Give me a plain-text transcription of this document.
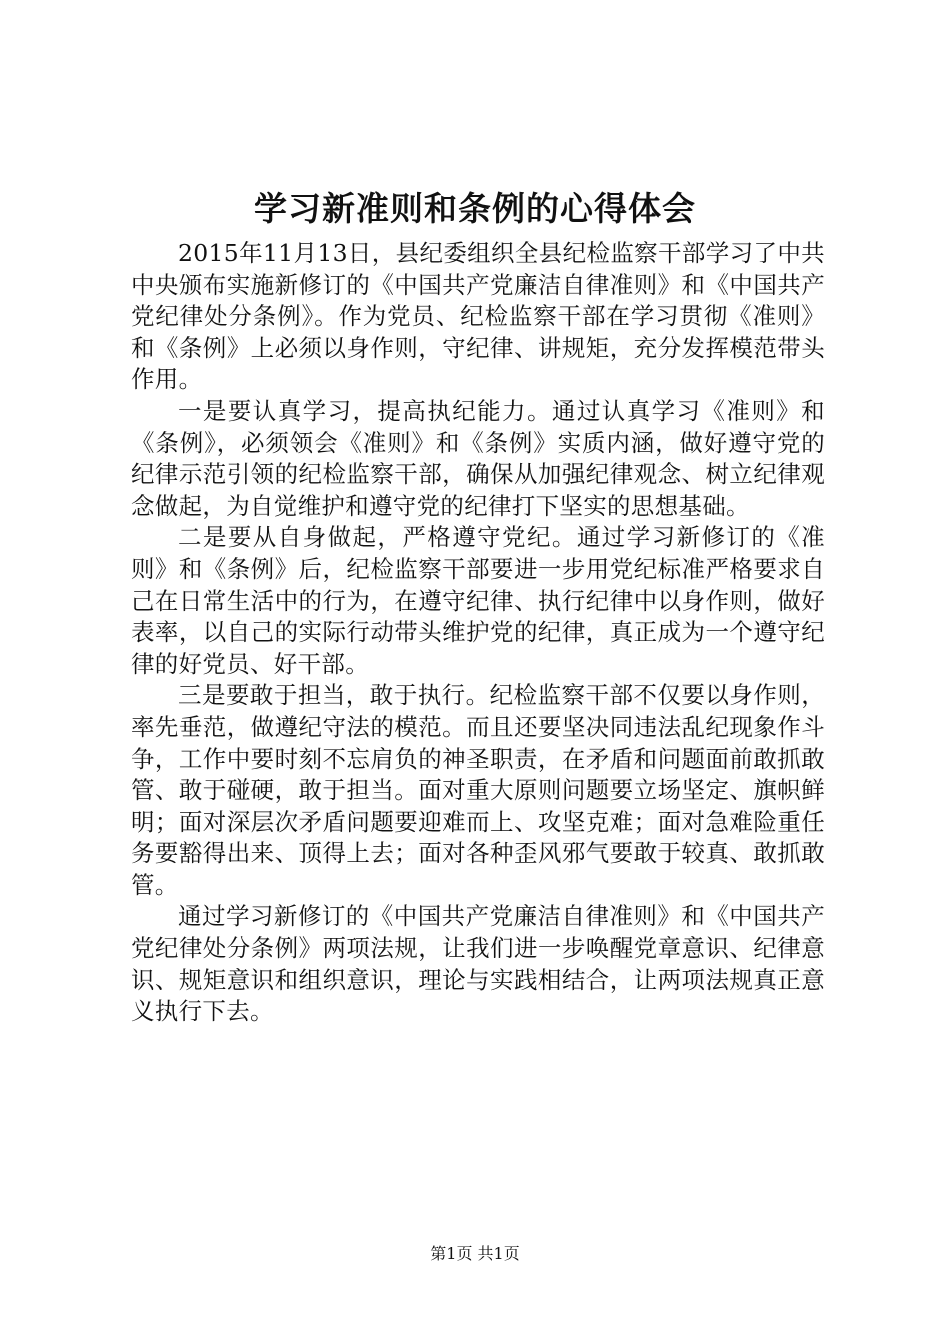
学习新准则和条例的心得体会

2015年11月13日，县纪委组织全县纪检监察干部学习了中共中央颁布实施新修订的《中国共产党廉洁自律准则》和《中国共产党纪律处分条例》。作为党员、纪检监察干部在学习贯彻《准则》和《条例》上必须以身作则，守纪律、讲规矩，充分发挥模范带头作用。

一是要认真学习，提高执纪能力。通过认真学习《准则》和《条例》，必须领会《准则》和《条例》实质内涵，做好遵守党的纪律示范引领的纪检监察干部，确保从加强纪律观念、树立纪律观念做起，为自觉维护和遵守党的纪律打下坚实的思想基础。

二是要从自身做起，严格遵守党纪。通过学习新修订的《准则》和《条例》后，纪检监察干部要进一步用党纪标准严格要求自己在日常生活中的行为，在遵守纪律、执行纪律中以身作则，做好表率，以自己的实际行动带头维护党的纪律，真正成为一个遵守纪律的好党员、好干部。

三是要敢于担当，敢于执行。纪检监察干部不仅要以身作则，率先垂范，做遵纪守法的模范。而且还要坚决同违法乱纪现象作斗争，工作中要时刻不忘肩负的神圣职责，在矛盾和问题面前敢抓敢管、敢于碰硬，敢于担当。面对重大原则问题要立场坚定、旗帜鲜明；面对深层次矛盾问题要迎难而上、攻坚克难；面对急难险重任务要豁得出来、顶得上去；面对各种歪风邪气要敢于较真、敢抓敢管。

通过学习新修订的《中国共产党廉洁自律准则》和《中国共产党纪律处分条例》两项法规，让我们进一步唤醒党章意识、纪律意识、规矩意识和组织意识，理论与实践相结合，让两项法规真正意义执行下去。

第1页 共1页
